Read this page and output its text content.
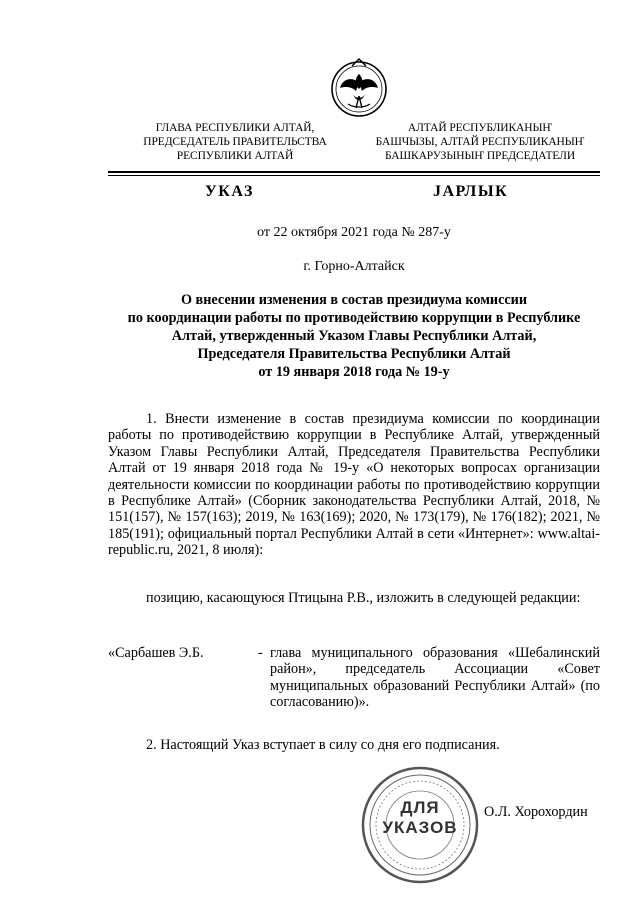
ГЛАВА РЕСПУБЛИКИ АЛТАЙ,
ПРЕДСЕДАТЕЛЬ ПРАВИТЕЛЬСТВА
РЕСПУБЛИКИ АЛТАЙ
АЛТАЙ РЕСПУБЛИКАНЫҤ
БАШЧЫЗЫ, АЛТАЙ РЕСПУБЛИКАНЫҤ
БАШКАРУЗЫНЫҤ ПРЕДСЕДАТЕЛИ
УКАЗ	JАРЛЫК
от 22 октября 2021 года № 287-у
г. Горно-Алтайск
О внесении изменения в состав президиума комиссии
по координации работы по противодействию коррупции в Республике
Алтай, утвержденный Указом Главы Республики Алтай,
Председателя Правительства Республики Алтай
от 19 января 2018 года № 19-у
1. Внести изменение в состав президиума комиссии по координации работы по противодействию коррупции в Республике Алтай, утвержденный Указом Главы Республики Алтай, Председателя Правительства Республики Алтай от 19 января 2018 года № 19-у «О некоторых вопросах организации деятельности комиссии по координации работы по противодействию коррупции в Республике Алтай» (Сборник законодательства Республики Алтай, 2018, № 151(157), № 157(163); 2019, № 163(169); 2020, № 173(179), № 176(182); 2021, № 185(191); официальный портал Республики Алтай в сети «Интернет»: www.altai-republic.ru, 2021, 8 июля):
позицию, касающуюся Птицына Р.В., изложить в следующей редакции:
«Сарбашев Э.Б.	- глава муниципального образования «Шебалинский район», председатель Ассоциации «Совет муниципальных образований Республики Алтай» (по согласованию)».
2. Настоящий Указ вступает в силу со дня его подписания.
ДЛЯ
УКАЗОВ
О.Л. Хорохордин
